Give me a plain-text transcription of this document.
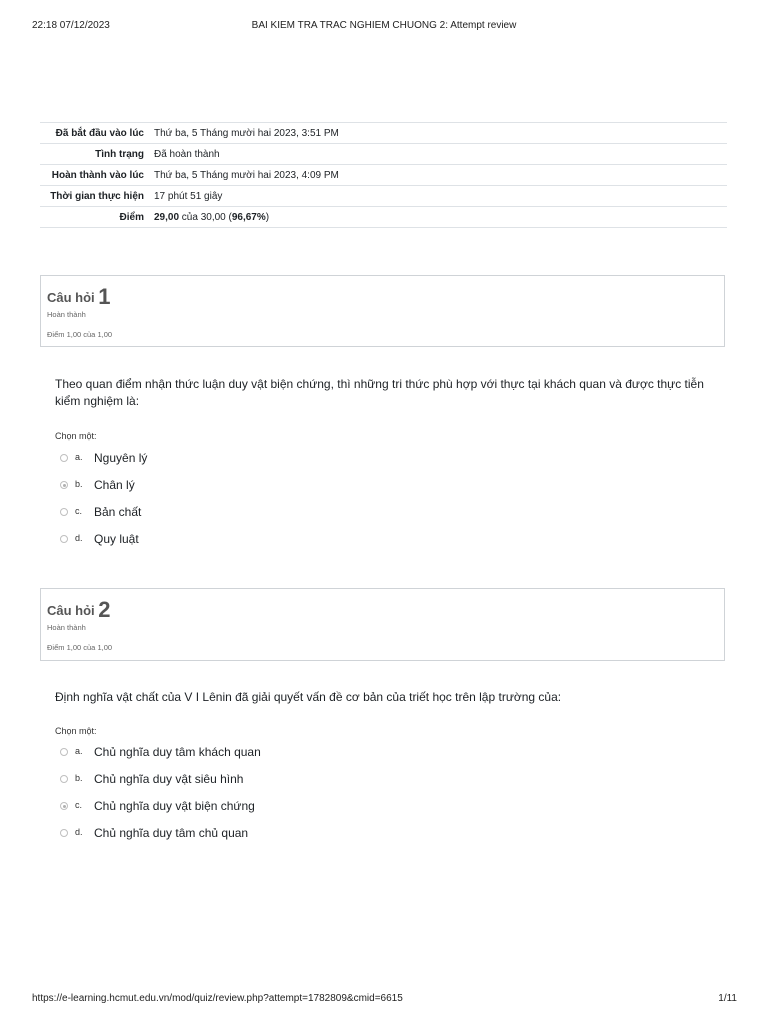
22:18 07/12/2023	BAI KIEM TRA TRAC NGHIEM CHUONG 2: Attempt review
Đã bắt đầu vào lúc	Thứ ba, 5 Tháng mười hai 2023, 3:51 PM
Tình trạng	Đã hoàn thành
Hoàn thành vào lúc	Thứ ba, 5 Tháng mười hai 2023, 4:09 PM
Thời gian thực hiện	17 phút 51 giây
Điểm	29,00 của 30,00 (96,67%)
Câu hỏi 1
Hoàn thành
Điểm 1,00 của 1,00
Theo quan điểm nhận thức luận duy vật biện chứng, thì những tri thức phù hợp với thực tại khách quan và được thực tiễn kiểm nghiệm là:
Chọn một:
a. Nguyên lý
b. Chân lý
c. Bản chất
d. Quy luật
Câu hỏi 2
Hoàn thành
Điểm 1,00 của 1,00
Định nghĩa vật chất của V I Lênin đã giải quyết vấn đề cơ bản của triết học trên lập trường của:
Chọn một:
a. Chủ nghĩa duy tâm khách quan
b. Chủ nghĩa duy vật siêu hình
c. Chủ nghĩa duy vật biện chứng
d. Chủ nghĩa duy tâm chủ quan
https://e-learning.hcmut.edu.vn/mod/quiz/review.php?attempt=1782809&cmid=6615	1/11
